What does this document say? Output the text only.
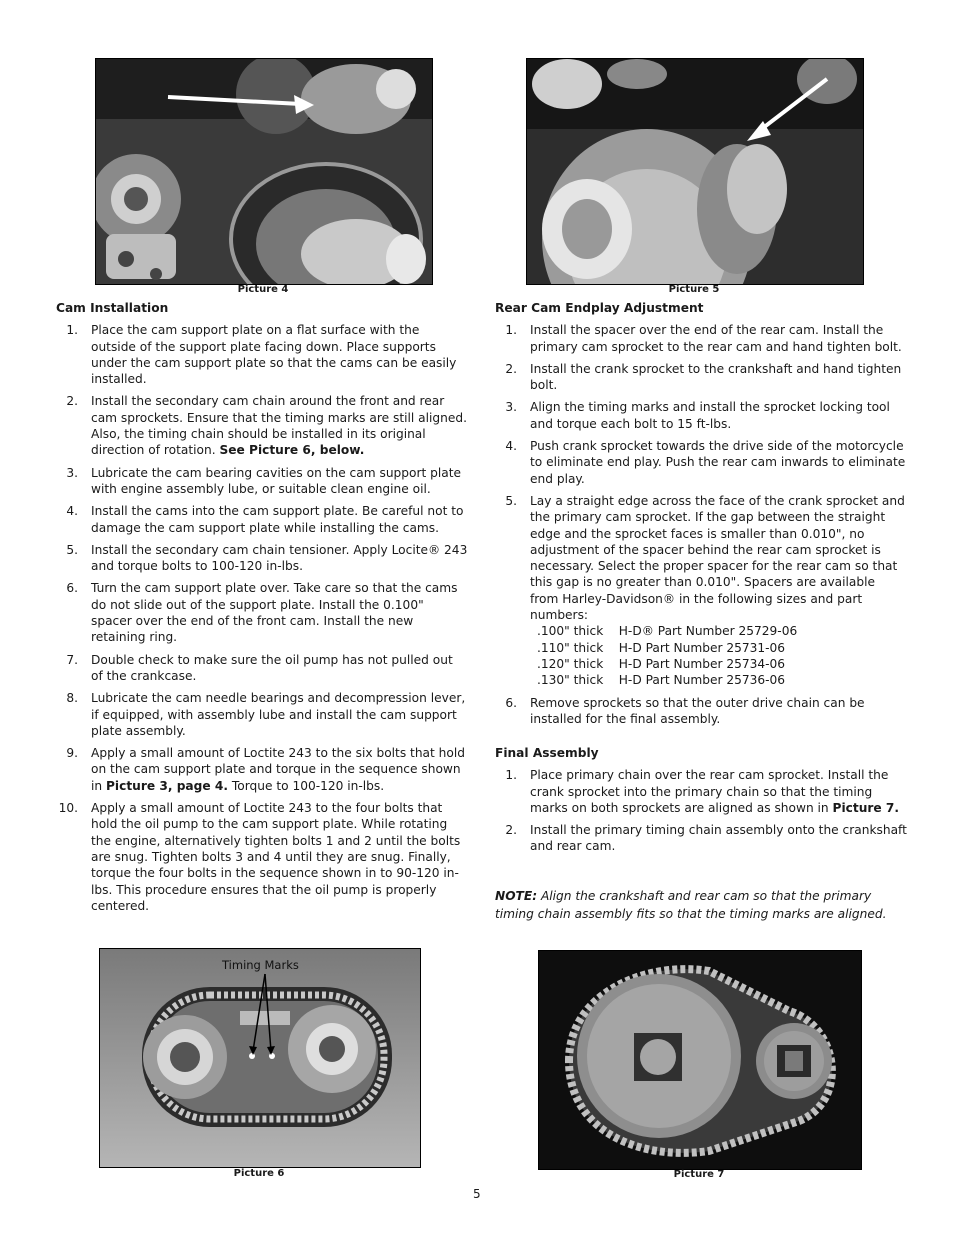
Picture 4	Picture 5

Cam Installation

1. Place the cam support plate on a flat surface with the outside of the support plate facing down. Place supports under the cam support plate so that the cams can be easily installed.
2. Install the secondary cam chain around the front and rear cam sprockets. Ensure that the timing marks are still aligned. Also, the timing chain should be installed in its original direction of rotation. See Picture 6, below.
3. Lubricate the cam bearing cavities on the cam support plate with engine assembly lube, or suitable clean engine oil.
4. Install the cams into the cam support plate. Be careful not to damage the cam support plate while installing the cams.
5. Install the secondary cam chain tensioner. Apply Locite® 243 and torque bolts to 100-120 in-lbs.
6. Turn the cam support plate over. Take care so that the cams do not slide out of the support plate. Install the 0.100" spacer over the end of the front cam. Install the new retaining ring.
7. Double check to make sure the oil pump has not pulled out of the crankcase.
8. Lubricate the cam needle bearings and decompression lever, if equipped, with assembly lube and install the cam support plate assembly.
9. Apply a small amount of Loctite 243 to the six bolts that hold on the cam support plate and torque in the sequence shown in Picture 3, page 4. Torque to 100-120 in-lbs.
10. Apply a small amount of Loctite 243 to the four bolts that hold the oil pump to the cam support plate. While rotating the engine, alternatively tighten bolts 1 and 2 until the bolts are snug. Tighten bolts 3 and 4 until they are snug. Finally, torque the four bolts in the sequence shown in to 90-120 in-lbs. This procedure ensures that the oil pump is properly centered.

Rear Cam Endplay Adjustment

1. Install the spacer over the end of the rear cam. Install the primary cam sprocket to the rear cam and hand tighten bolt.
2. Install the crank sprocket to the crankshaft and hand tighten bolt.
3. Align the timing marks and install the sprocket locking tool and torque each bolt to 15 ft-lbs.
4. Push crank sprocket towards the drive side of the motorcycle to eliminate end play. Push the rear cam inwards to eliminate end play.
5. Lay a straight edge across the face of the crank sprocket and the primary cam sprocket. If the gap between the straight edge and the sprocket faces is smaller than 0.010", no adjustment of the spacer behind the rear cam sprocket is necessary. Select the proper spacer for the rear cam so that this gap is no greater than 0.010". Spacers are available from Harley-Davidson® in the following sizes and part numbers:
.100" thick    H-D® Part Number 25729-06
.110" thick    H-D Part Number 25731-06
.120" thick    H-D Part Number 25734-06
.130" thick    H-D Part Number 25736-06
6. Remove sprockets so that the outer drive chain can be installed for the final assembly.

Final Assembly

1. Place primary chain over the rear cam sprocket. Install the crank sprocket into the primary chain so that the timing marks on both sprockets are aligned as shown in Picture 7.
2. Install the primary timing chain assembly onto the crankshaft and rear cam.
NOTE: Align the crankshaft and rear cam so that the primary timing chain assembly fits so that the timing marks are aligned.
Timing Marks
Picture 6	Picture 7
5
